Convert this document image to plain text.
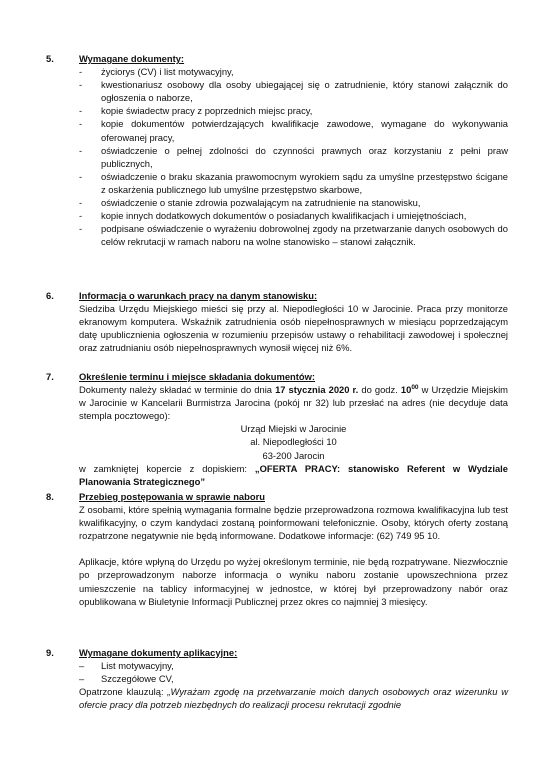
5.	Wymagane dokumenty:
- życiorys (CV) i list motywacyjny,
- kwestionariusz osobowy dla osoby ubiegającej się o zatrudnienie, który stanowi załącznik do ogłoszenia o naborze,
- kopie świadectw pracy z poprzednich miejsc pracy,
- kopie dokumentów potwierdzających kwalifikacje zawodowe, wymagane do wykonywania oferowanej pracy,
- oświadczenie o pełnej zdolności do czynności prawnych oraz korzystaniu z pełni praw publicznych,
- oświadczenie o braku skazania prawomocnym wyrokiem sądu za umyślne przestępstwo ścigane z oskarżenia publicznego lub umyślne przestępstwo skarbowe,
- oświadczenie o stanie zdrowia pozwalającym na zatrudnienie na stanowisku,
- kopie innych dodatkowych dokumentów o posiadanych kwalifikacjach i umiejętnościach,
- podpisane oświadczenie o wyrażeniu dobrowolnej zgody na przetwarzanie danych osobowych do celów rekrutacji w ramach naboru na wolne stanowisko – stanowi załącznik.
6.	Informacja o warunkach pracy na danym stanowisku:
Siedziba Urzędu Miejskiego mieści się przy al. Niepodległości 10 w Jarocinie. Praca przy monitorze ekranowym komputera. Wskaźnik zatrudnienia osób niepełnosprawnych w miesiącu poprzedzającym datę upublicznienia ogłoszenia w rozumieniu przepisów ustawy o rehabilitacji zawodowej i społecznej oraz zatrudnianiu osób niepełnosprawnych wynosił więcej niż 6%.
7.	Określenie terminu i miejsce składania dokumentów:
Dokumenty należy składać w terminie do dnia 17 stycznia 2020 r. do godz. $10^{00}$ w Urzędzie Miejskim w Jarocinie w Kancelarii Burmistrza Jarocina (pokój nr 32) lub przesłać na adres (nie decyduje data stempla pocztowego):
Urząd Miejski w Jarocinie
al. Niepodległości 10
63-200 Jarocin
w zamkniętej kopercie z dopiskiem: „OFERTA PRACY: stanowisko Referent w Wydziale Planowania Strategicznego”
8.	Przebieg postępowania w sprawie naboru
Z osobami, które spełnią wymagania formalne będzie przeprowadzona rozmowa kwalifikacyjna lub test kwalifikacyjny, o czym kandydaci zostaną poinformowani telefonicznie. Osoby, których oferty zostaną rozpatrzone negatywnie nie będą informowane. Dodatkowe informacje: (62) 749 95 10.
Aplikacje, które wpłyną do Urzędu po wyżej określonym terminie, nie będą rozpatrywane. Niezwłocznie po przeprowadzonym naborze informacja o wyniku naboru zostanie upowszechniona przez umieszczenie na tablicy informacyjnej w jednostce, w której był przeprowadzony nabór oraz opublikowana w Biuletynie Informacji Publicznej przez okres co najmniej 3 miesięcy.
9.	Wymagane dokumenty aplikacyjne:
– List motywacyjny,
– Szczegółowe CV,
Opatrzone klauzulą: „Wyrażam zgodę na przetwarzanie moich danych osobowych oraz wizerunku w ofercie pracy dla potrzeb niezbędnych do realizacji procesu rekrutacji zgodnie
